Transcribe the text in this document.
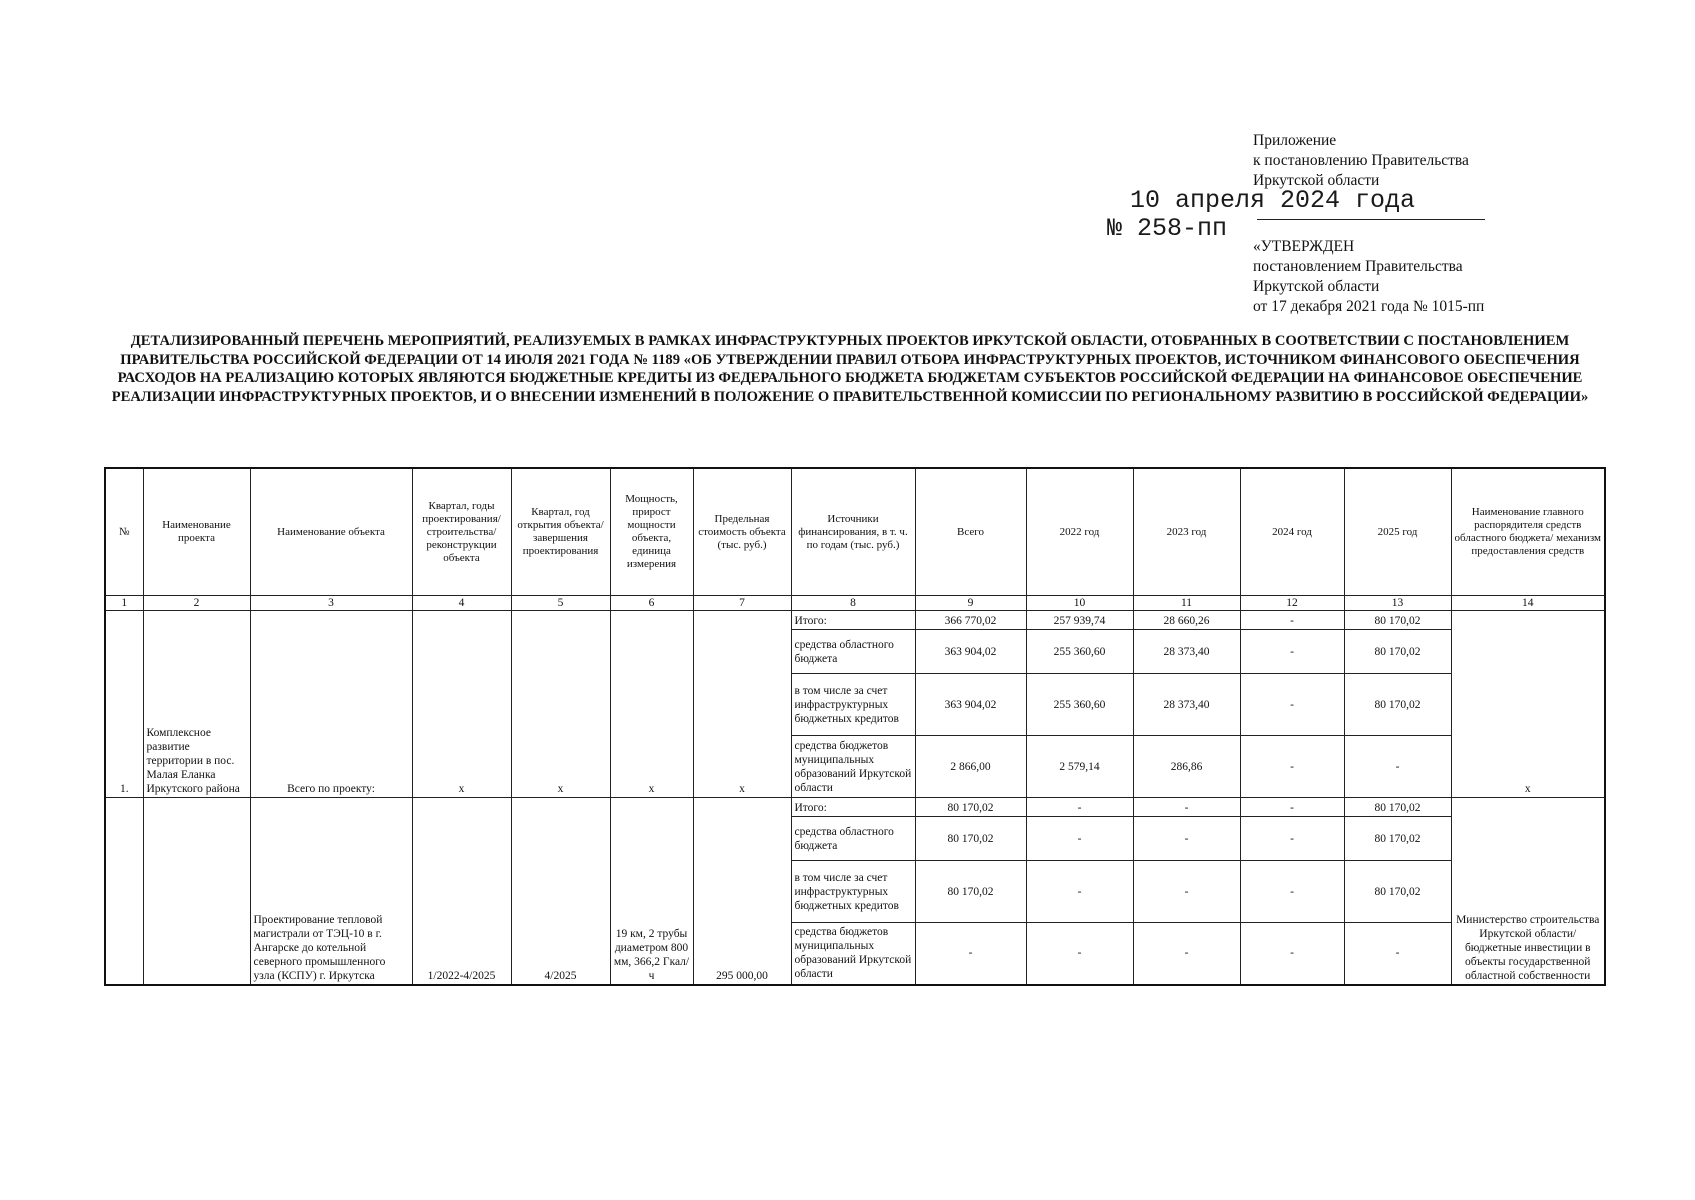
Приложение
к постановлению Правительства
Иркутской области
10 апреля 2024 года
№ 258-пп
«УТВЕРЖДЕН
постановлением Правительства
Иркутской области
от 17 декабря 2021 года № 1015-пп
ДЕТАЛИЗИРОВАННЫЙ ПЕРЕЧЕНЬ МЕРОПРИЯТИЙ, РЕАЛИЗУЕМЫХ В РАМКАХ ИНФРАСТРУКТУРНЫХ ПРОЕКТОВ ИРКУТСКОЙ ОБЛАСТИ, ОТОБРАННЫХ В СООТВЕТСТВИИ С ПОСТАНОВЛЕНИЕМ ПРАВИТЕЛЬСТВА РОССИЙСКОЙ ФЕДЕРАЦИИ ОТ 14 ИЮЛЯ 2021 ГОДА № 1189 «ОБ УТВЕРЖДЕНИИ ПРАВИЛ ОТБОРА ИНФРАСТРУКТУРНЫХ ПРОЕКТОВ, ИСТОЧНИКОМ ФИНАНСОВОГО ОБЕСПЕЧЕНИЯ РАСХОДОВ НА РЕАЛИЗАЦИЮ КОТОРЫХ ЯВЛЯЮТСЯ БЮДЖЕТНЫЕ КРЕДИТЫ ИЗ ФЕДЕРАЛЬНОГО БЮДЖЕТА БЮДЖЕТАМ СУБЪЕКТОВ РОССИЙСКОЙ ФЕДЕРАЦИИ НА ФИНАНСОВОЕ ОБЕСПЕЧЕНИЕ РЕАЛИЗАЦИИ ИНФРАСТРУКТУРНЫХ ПРОЕКТОВ, И О ВНЕСЕНИИ ИЗМЕНЕНИЙ В ПОЛОЖЕНИЕ О ПРАВИТЕЛЬСТВЕННОЙ КОМИССИИ ПО РЕГИОНАЛЬНОМУ РАЗВИТИЮ В РОССИЙСКОЙ ФЕДЕРАЦИИ»
№	Наименование проекта	Наименование объекта	Квартал, годы проектирования/строительства/ реконструкции объекта	Квартал, год открытия объекта/ завершения проектирования	Мощность, прирост мощности объекта, единица измерения	Предельная стоимость объекта (тыс. руб.)	Источники финансирования, в т. ч. по годам (тыс. руб.)	Всего	2022 год	2023 год	2024 год	2025 год	Наименование главного распорядителя средств областного бюджета/ механизм предоставления средств
1	2	3	4	5	6	7	8	9	10	11	12	13	14
1.	Комплексное развитие территории в пос. Малая Еланка Иркутского района	Всего по проекту:	х	х	х	х	Итого:	366 770,02	257 939,74	28 660,26	-	80 170,02	х
							средства областного бюджета	363 904,02	255 360,60	28 373,40	-	80 170,02	
							в том числе за счет инфраструктурных бюджетных кредитов	363 904,02	255 360,60	28 373,40	-	80 170,02	
							средства бюджетов муниципальных образований Иркутской области	2 866,00	2 579,14	286,86	-	-	
		Проектирование тепловой магистрали от ТЭЦ-10 в г. Ангарске до котельной северного промышленного узла (КСПУ) г. Иркутска	1/2022-4/2025	4/2025	19 км, 2 трубы диаметром 800 мм, 366,2 Гкал/ч	295 000,00	Итого:	80 170,02	-	-	-	80 170,02	Министерство строительства Иркутской области/ бюджетные инвестиции в объекты государственной областной собственности
							средства областного бюджета	80 170,02	-	-	-	80 170,02	
							в том числе за счет инфраструктурных бюджетных кредитов	80 170,02	-	-	-	80 170,02	
							средства бюджетов муниципальных образований Иркутской области	-	-	-	-	-	
